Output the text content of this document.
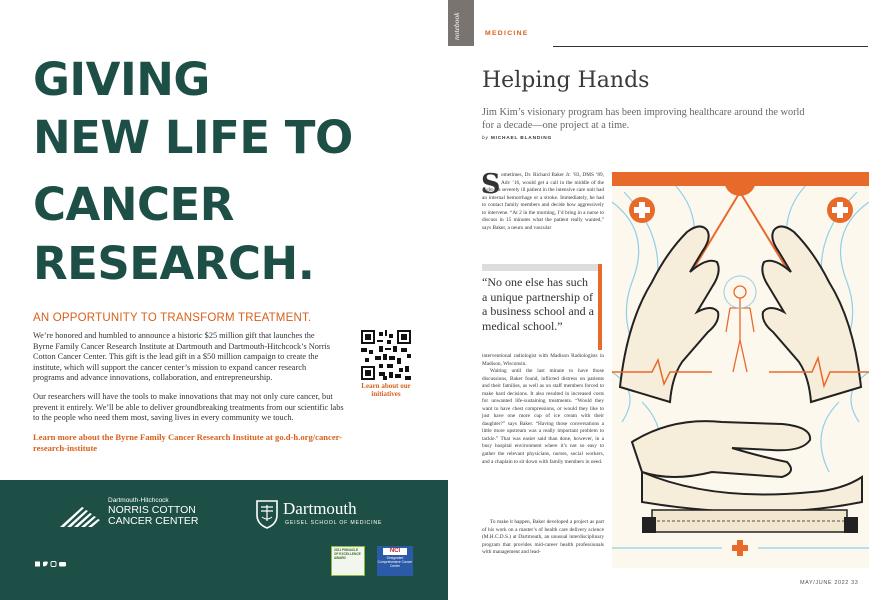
GIVING
NEW LIFE TO
CANCER
RESEARCH.
AN OPPORTUNITY TO TRANSFORM TREATMENT.
We’re honored and humbled to announce a historic $25 million gift that launches the Byrne Family Cancer Research Institute at Dartmouth and Dartmouth-Hitchcock’s Norris Cotton Cancer Center. This gift is the lead gift in a $50 million campaign to create the institute, which will support the cancer center’s mission to expand cancer research programs and advance innovations, collaboration, and entrepreneurship.
Our researchers will have the tools to make innovations that may not only cure cancer, but prevent it entirely. We’ll be able to deliver groundbreaking treatments from our scientific labs to the people who need them most, saving lives in every community we touch.
Learn more about the Byrne Family Cancer Research Institute at go.d-h.org/cancer-research-institute
Learn about our initiatives
Dartmouth-Hitchcock
NORRIS COTTON
CANCER CENTER
Dartmouth
GEISEL SCHOOL OF MEDICINE
2021 PINNACLE OF EXCELLENCE AWARD
NCI
Designated Comprehensive Cancer Center
notebook	MEDICINE
Helping Hands
Jim Kim’s visionary program has been improving healthcare around the world for a decade—one project at a time.
by MICHAEL BLANDING
S ometimes, Dr. Richard Baker Jr. ’83, DMS ’89, Adv ’16, would get a call in the middle of the night—a severely ill patient in the intensive care unit had an internal hemorrhage or a stroke. Immediately, he had to contact family members and decide how aggressively to intervene. “At 2 in the morning, I’d bring in a nurse to discuss in 15 minutes what the patient really wanted,” says Baker, a neuro and vascular
“No one else has such a unique partnership of a business school and a medical school.”
interventional radiologist with Madison Radiologists in Madison, Wisconsin.
Waiting until the last minute to have those discussions, Baker found, inflicted distress on patients and their families, as well as on staff members forced to make hard decisions. It also resulted in increased costs for unwanted life-sustaining treatments. “Would they want to have chest compressions, or would they like to just have one more cup of ice cream with their daughter?” says Baker. “Having those conversations a little more upstream was a really important problem to tackle.” That was easier said than done, however, in a busy hospital environment where it’s not so easy to gather the relevant physicians, nurses, social workers, and a chaplain to sit down with family members in need.
To make it happen, Baker developed a project as part of his work on a master’s of health care delivery science (M.H.C.D.S.) at Dartmouth, an unusual interdisciplinary program that provides mid-career health professionals with management and lead-
MAY/JUNE 2022 33
